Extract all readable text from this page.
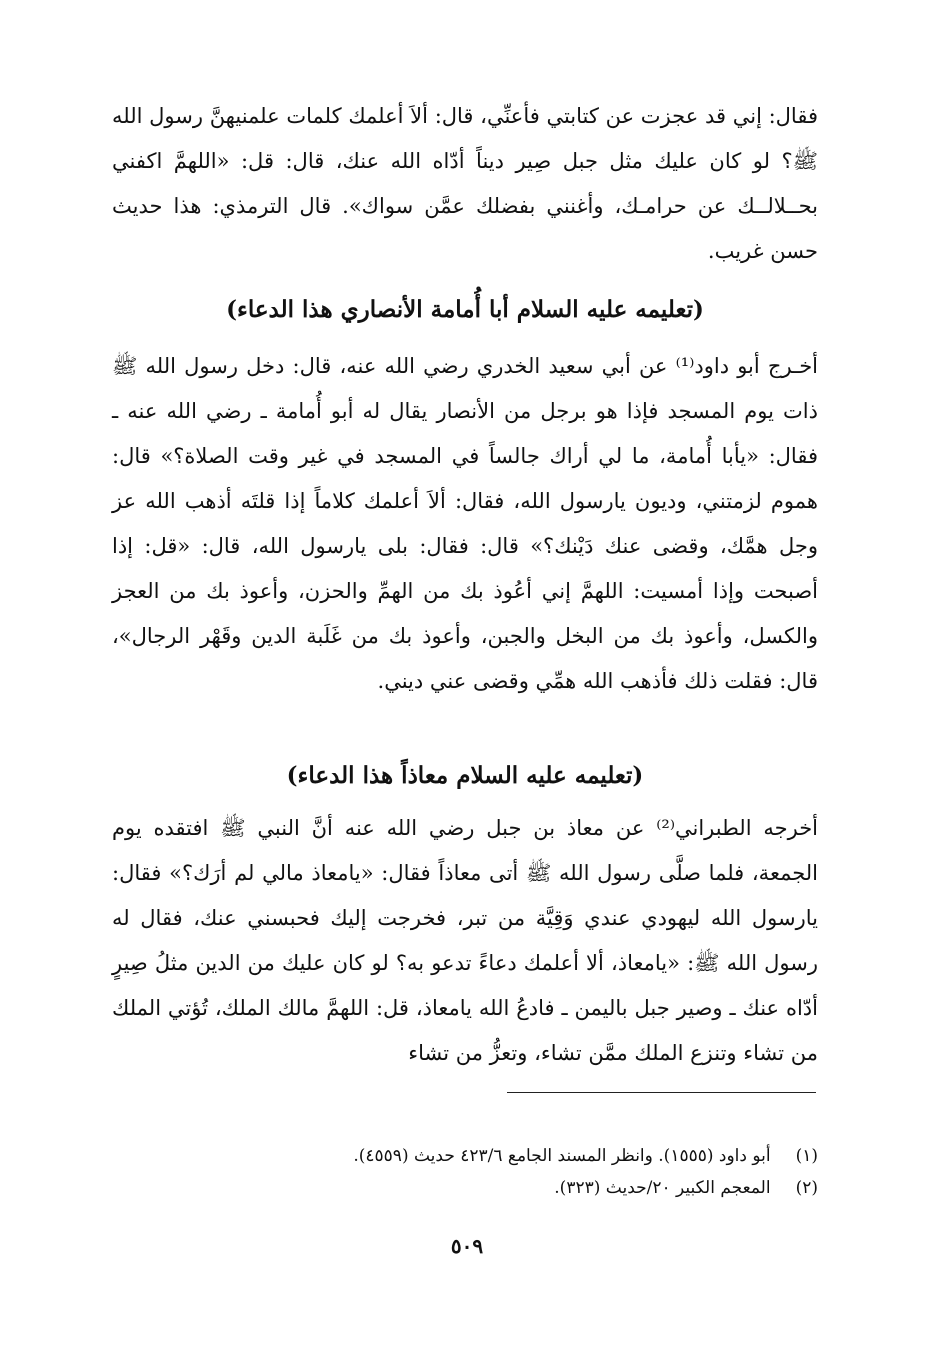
فقال: إني قد عجزت عن كتابتي فأعنِّي، قال: ألاَ أعلمك كلمات علمنيهنَّ رسول الله ﷺ؟ لو كان عليك مثل جبل صِير ديناً أدّاه الله عنك، قال: قل: «اللهمَّ اكفني بحــلالــك عن حرامـك، وأغنني بفضلك عمَّن سواك». قال الترمذي: هذا حديث حسن غريب.

(تعليمه عليه السلام أبا أُمامة الأنصاري هذا الدعاء)

أخـرج أبو داود⁽¹⁾ عن أبي سعيد الخدري رضي الله عنه، قال: دخل رسول الله ﷺ ذات يوم المسجد فإذا هو برجل من الأنصار يقال له أبو أُمامة ـ رضي الله عنه ـ فقال: «يأبا أُمامة، ما لي أراك جالساً في المسجد في غير وقت الصلاة؟» قال: هموم لزمتني، وديون يارسول الله، فقال: ألاَ أعلمك كلاماً إذا قلتَه أذهب الله عز وجل همَّك، وقضى عنك دَيْنك؟» قال: فقال: بلى يارسول الله، قال: «قل: إذا أصبحت وإذا أمسيت: اللهمَّ إني أعُوذ بك من الهمِّ والحزن، وأعوذ بك من العجز والكسل، وأعوذ بك من البخل والجبن، وأعوذ بك من غَلَبة الدين وقَهْر الرجال»، قال: فقلت ذلك فأذهب الله همِّي وقضى عني ديني.

(تعليمه عليه السلام معاذاً هذا الدعاء)

أخرجه الطبراني⁽²⁾ عن معاذ بن جبل رضي الله عنه أنَّ النبي ﷺ افتقده يوم الجمعة، فلما صلَّى رسول الله ﷺ أتى معاذاً فقال: «يامعاذ مالي لم أرَك؟» فقال: يارسول الله ليهودي عندي وَقِيَّة من تبر، فخرجت إليك فحبسني عنك، فقال له رسول الله ﷺ: «يامعاذ، ألا أعلمك دعاءً تدعو به؟ لو كان عليك من الدين مثلُ صِيرٍ أدّاه عنك ـ وصير جبل باليمن ـ فادعُ الله يامعاذ، قل: اللهمَّ مالك الملك، تُؤتي الملك من تشاء وتنزع الملك ممَّن تشاء، وتعزُّ من تشاء

(١) أبو داود (١٥٥٥). وانظر المسند الجامع ٤٢٣/٦ حديث (٤٥٥٩).
(٢) المعجم الكبير ٢٠/حديث (٣٢٣).
٥٠٩
